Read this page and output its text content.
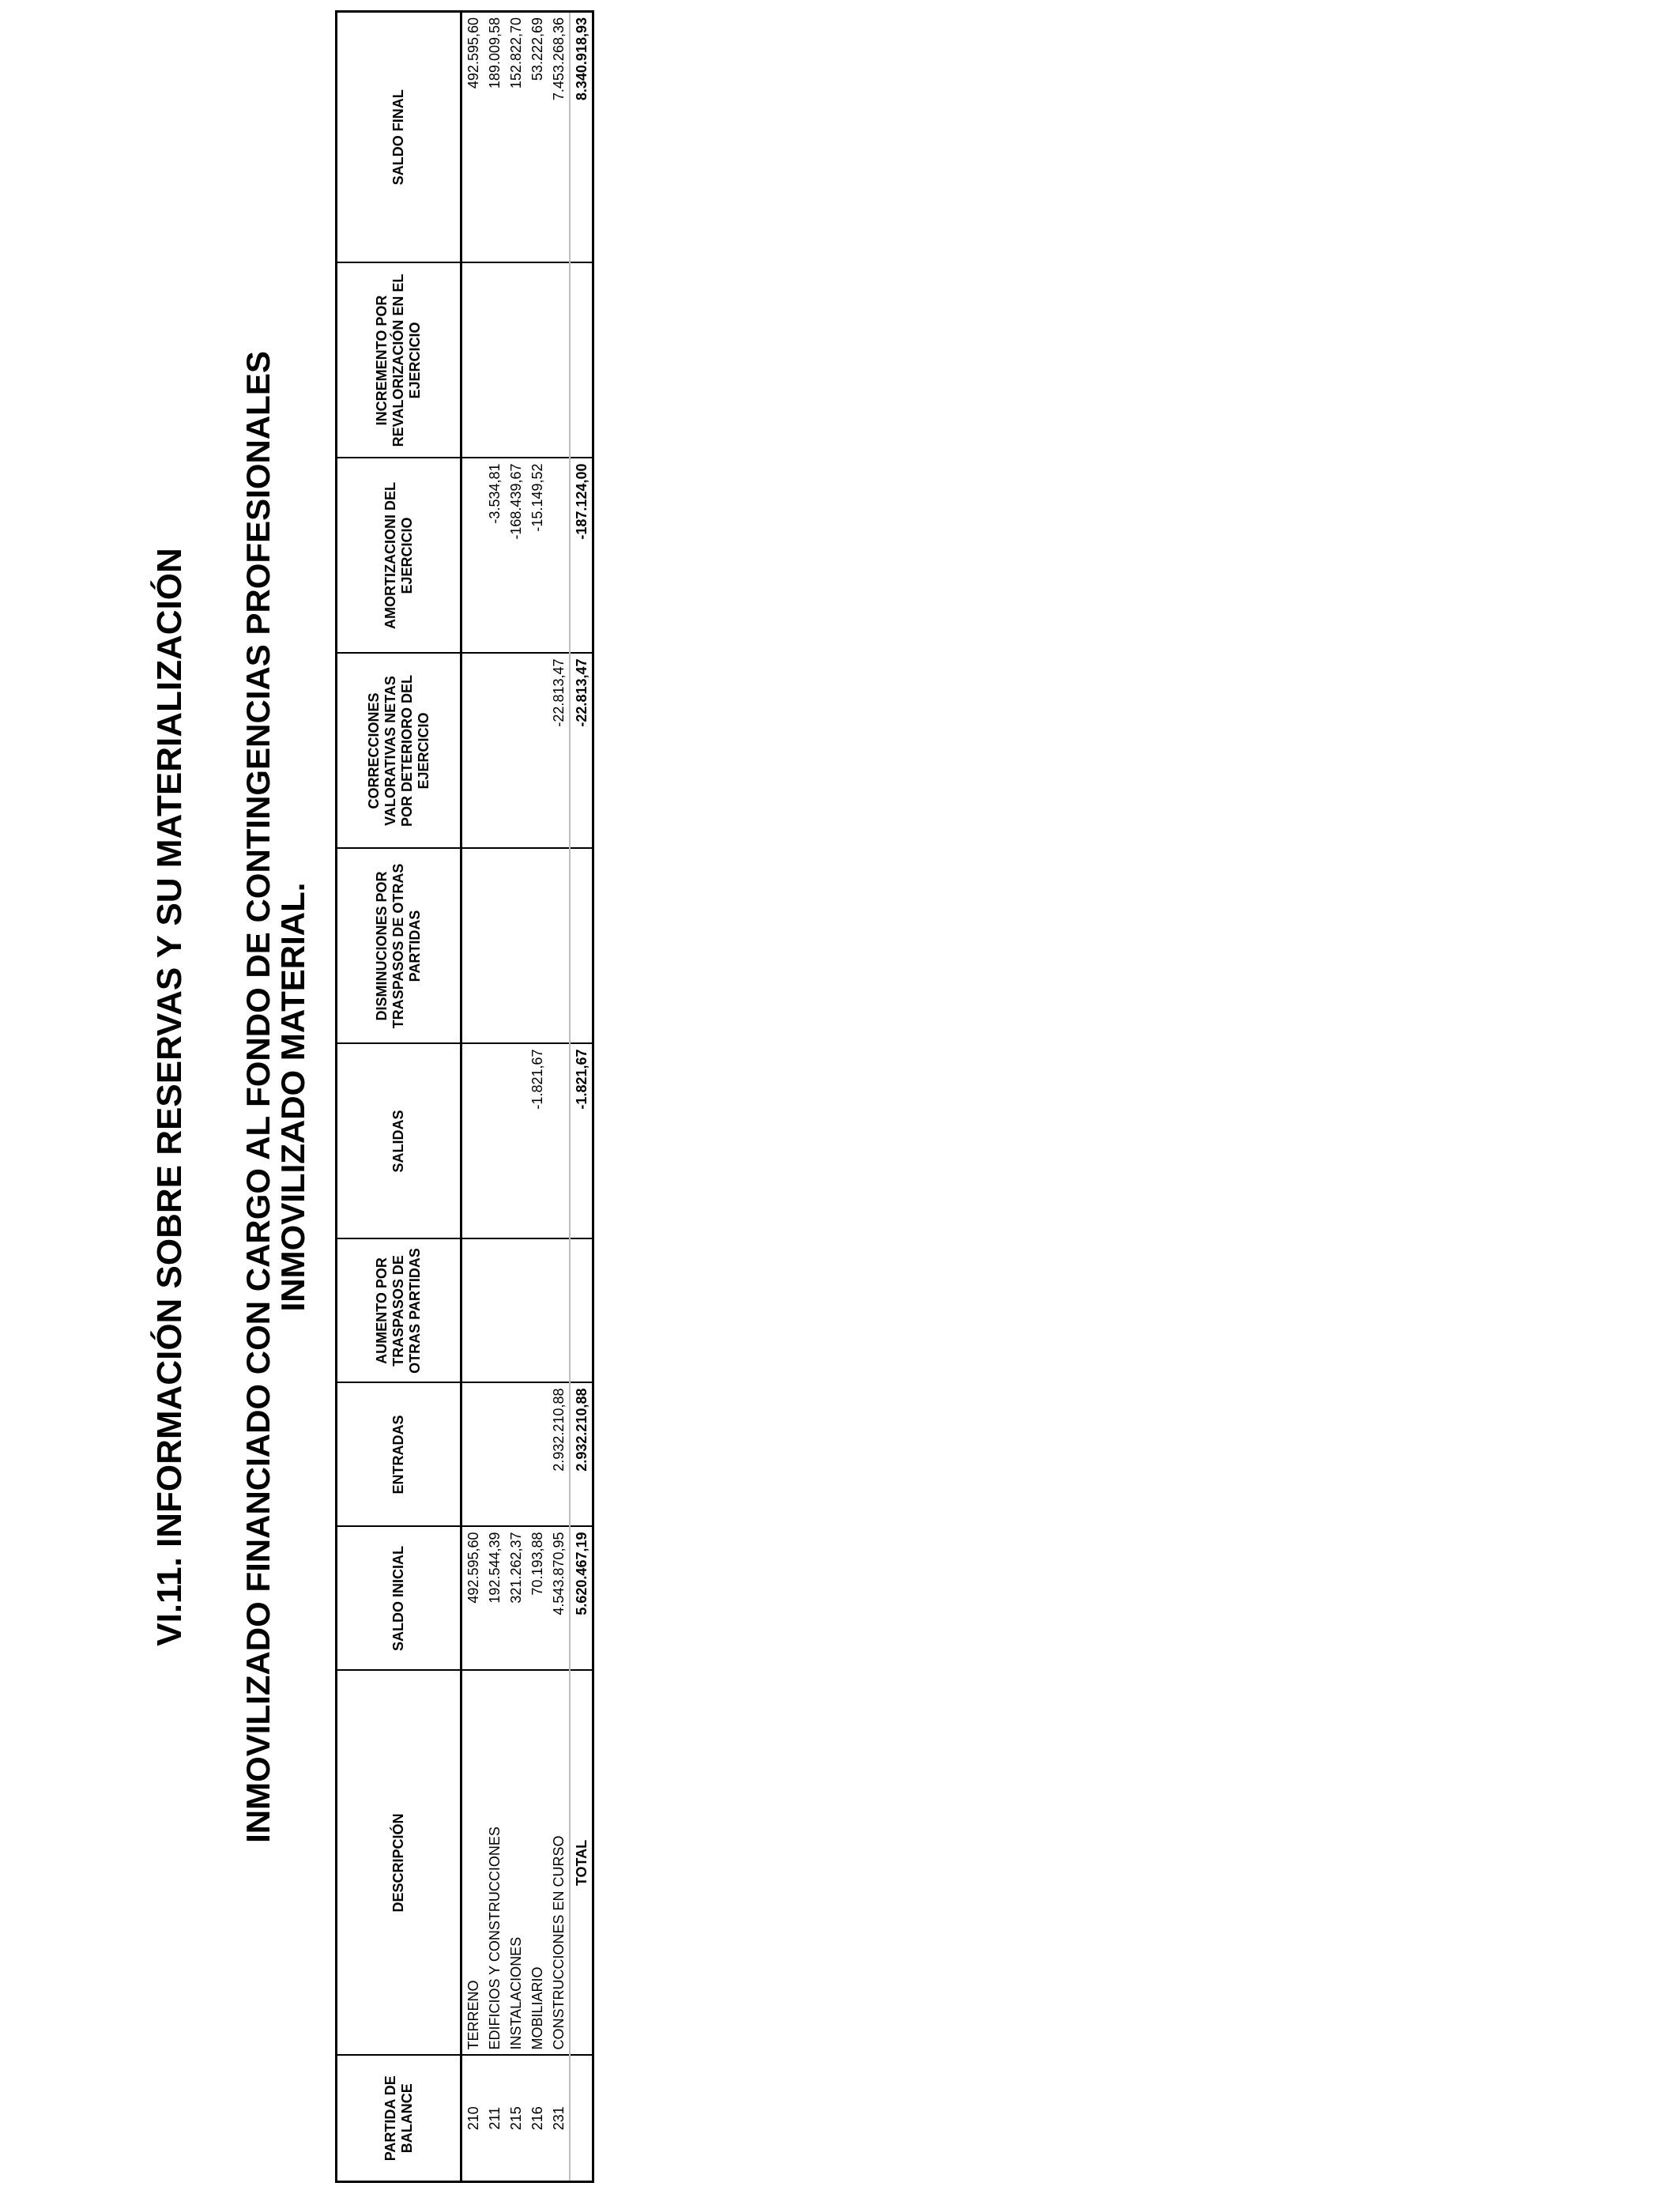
VI.11. INFORMACIÓN SOBRE RESERVAS Y SU MATERIALIZACIÓN INMOVILIZADO FINANCIADO CON CARGO AL FONDO DE CONTINGENCIAS PROFESIONALES
INMOVILIZADO MATERIAL.
PARTIDA DE BALANCE	DESCRIPCIÓN	SALDO INICIAL	ENTRADAS	AUMENTO POR TRASPASOS DE OTRAS PARTIDAS	SALIDAS	DISMINUCIONES POR TRASPASOS DE OTRAS PARTIDAS	CORRECCIONES VALORATIVAS NETAS POR DETERIORO DEL EJERCICIO	AMORTIZACIONI DEL EJERCICIO	INCREMENTO POR REVALORIZACIÓN EN EL EJERCICIO	SALDO FINAL
210	TERRENO	492.595,60								492.595,60
211	EDIFICIOS Y CONSTRUCCIONES	192.544,39						-3.534,81		189.009,58
215	INSTALACIONES	321.262,37						-168.439,67		152.822,70
216	MOBILIARIO	70.193,88			-1.821,67			-15.149,52		53.222,69
231	CONSTRUCCIONES EN CURSO	4.543.870,95	2.932.210,88				-22.813,47			7.453.268,36
	TOTAL	5.620.467,19	2.932.210,88		-1.821,67		-22.813,47	-187.124,00		8.340.918,93
